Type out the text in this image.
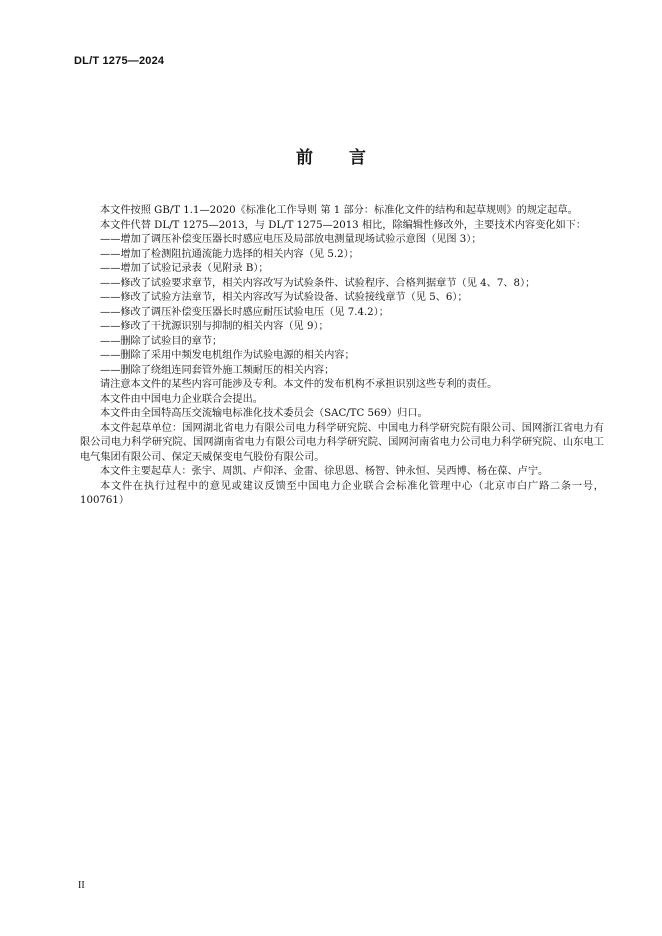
DL/T 1275—2024
前言

本文件按照 GB/T 1.1—2020《标准化工作导则 第 1 部分：标准化文件的结构和起草规则》的规定起草。

本文件代替 DL/T 1275—2013，与 DL/T 1275—2013 相比，除编辑性修改外，主要技术内容变化如下：

——增加了调压补偿变压器长时感应电压及局部放电测量现场试验示意图（见图 3）；

——增加了检测阻抗通流能力选择的相关内容（见 5.2）；

——增加了试验记录表（见附录 B）；

——修改了试验要求章节，相关内容改写为试验条件、试验程序、合格判据章节（见 4、7、8）；

——修改了试验方法章节，相关内容改写为试验设备、试验接线章节（见 5、6）；

——修改了调压补偿变压器长时感应耐压试验电压（见 7.4.2）；

——修改了干扰源识别与抑制的相关内容（见 9）；

——删除了试验目的章节；

——删除了采用中频发电机组作为试验电源的相关内容；

——删除了绕组连同套管外施工频耐压的相关内容；

请注意本文件的某些内容可能涉及专利。本文件的发布机构不承担识别这些专利的责任。

本文件由中国电力企业联合会提出。

本文件由全国特高压交流输电标准化技术委员会（SAC/TC 569）归口。

本文件起草单位：国网湖北省电力有限公司电力科学研究院、中国电力科学研究院有限公司、国网浙江省电力有限公司电力科学研究院、国网湖南省电力有限公司电力科学研究院、国网河南省电力公司电力科学研究院、山东电工电气集团有限公司、保定天威保变电气股份有限公司。

本文件主要起草人：张宇、周凯、卢仰泽、金雷、徐思恩、杨智、钟永恒、吴西博、杨在葆、卢宁。

本文件在执行过程中的意见或建议反馈至中国电力企业联合会标准化管理中心（北京市白广路二条一号，100761）

II
